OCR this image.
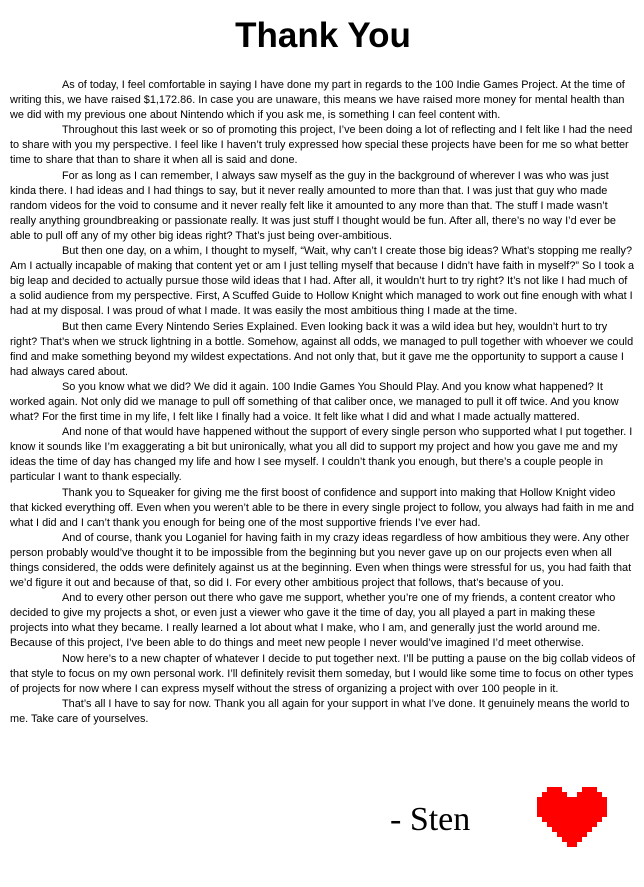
Thank You

As of today, I feel comfortable in saying I have done my part in regards to the 100 Indie Games Project. At the time of writing this, we have raised $1,172.86. In case you are unaware, this means we have raised more money for mental health than we did with my previous one about Nintendo which if you ask me, is something I can feel content with.

Throughout this last week or so of promoting this project, I’ve been doing a lot of reflecting and I felt like I had the need to share with you my perspective. I feel like I haven’t truly expressed how special these projects have been for me so what better time to share that than to share it when all is said and done.

For as long as I can remember, I always saw myself as the guy in the background of wherever I was who was just kinda there. I had ideas and I had things to say, but it never really amounted to more than that. I was just that guy who made random videos for the void to consume and it never really felt like it amounted to any more than that. The stuff I made wasn’t really anything groundbreaking or passionate really. It was just stuff I thought would be fun. After all, there’s no way I’d ever be able to pull off any of my other big ideas right? That’s just being over-ambitious.

But then one day, on a whim, I thought to myself, “Wait, why can’t I create those big ideas? What’s stopping me really? Am I actually incapable of making that content yet or am I just telling myself that because I didn’t have faith in myself?” So I took a big leap and decided to actually pursue those wild ideas that I had. After all, it wouldn’t hurt to try right? It’s not like I had much of a solid audience from my perspective. First, A Scuffed Guide to Hollow Knight which managed to work out fine enough with what I had at my disposal. I was proud of what I made. It was easily the most ambitious thing I made at the time.

But then came Every Nintendo Series Explained. Even looking back it was a wild idea but hey, wouldn’t hurt to try right? That’s when we struck lightning in a bottle. Somehow, against all odds, we managed to pull together with whoever we could find and make something beyond my wildest expectations. And not only that, but it gave me the opportunity to support a cause I had always cared about.

So you know what we did? We did it again. 100 Indie Games You Should Play. And you know what happened? It worked again. Not only did we manage to pull off something of that caliber once, we managed to pull it off twice. And you know what? For the first time in my life, I felt like I finally had a voice. It felt like what I did and what I made actually mattered.

And none of that would have happened without the support of every single person who supported what I put together. I know it sounds like I’m exaggerating a bit but unironically, what you all did to support my project and how you gave me and my ideas the time of day has changed my life and how I see myself. I couldn’t thank you enough, but there’s a couple people in particular I want to thank especially.

Thank you to Squeaker for giving me the first boost of confidence and support into making that Hollow Knight video that kicked everything off. Even when you weren’t able to be there in every single project to follow, you always had faith in me and what I did and I can’t thank you enough for being one of the most supportive friends I’ve ever had.

And of course, thank you Loganiel for having faith in my crazy ideas regardless of how ambitious they were. Any other person probably would’ve thought it to be impossible from the beginning but you never gave up on our projects even when all things considered, the odds were definitely against us at the beginning. Even when things were stressful for us, you had faith that we’d figure it out and because of that, so did I. For every other ambitious project that follows, that’s because of you.

And to every other person out there who gave me support, whether you’re one of my friends, a content creator who decided to give my projects a shot, or even just a viewer who gave it the time of day, you all played a part in making these projects into what they became. I really learned a lot about what I make, who I am, and generally just the world around me. Because of this project, I’ve been able to do things and meet new people I never would’ve imagined I’d meet otherwise.

Now here’s to a new chapter of whatever I decide to put together next. I’ll be putting a pause on the big collab videos of that style to focus on my own personal work. I’ll definitely revisit them someday, but I would like some time to focus on other types of projects for now where I can express myself without the stress of organizing a project with over 100 people in it.

That’s all I have to say for now. Thank you all again for your support in what I’ve done. It genuinely means the world to me. Take care of yourselves.

- Sten
